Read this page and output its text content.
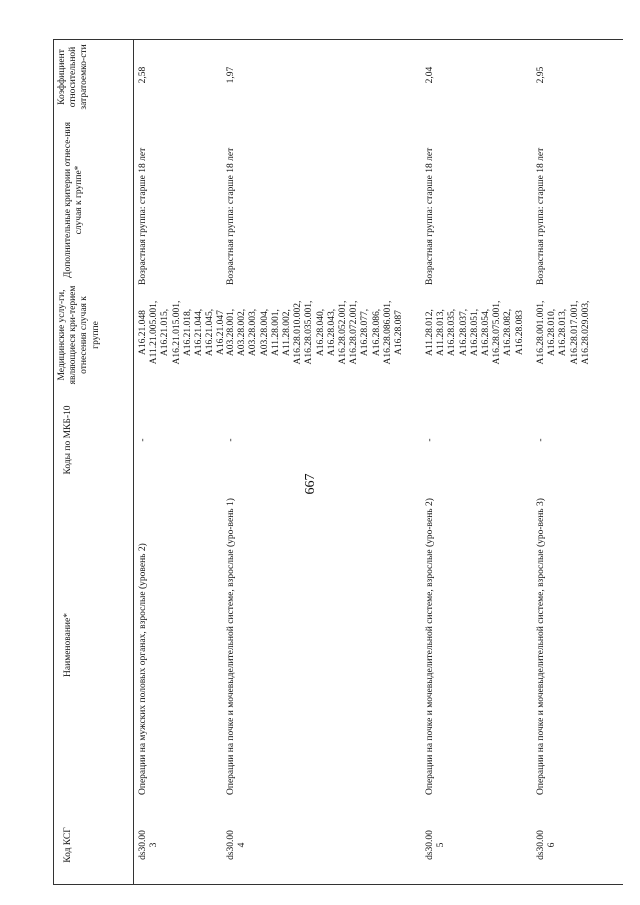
667
Код КСГ
Наименование*
Коды по МКБ-10
Медицинские услу-ги, являющиеся кри-терием отнесения случая к группе
Дополнительные критерии отнесе-ния случая к группе*
Коэффициент относительной затратоемко-сти
ds30.00
3
Операции на мужских половых органах, взрослые (уровень 2)
-
A16.21.048
A11.21.005.001,
A16.21.015,
A16.21.015.001,
A16.21.018,
A16.21.044,
A16.21.045,
A16.21.047
Возрастная группа: старше 18 лет
2,58
ds30.00
4
Операции на почке и мочевыделительной системе, взрослые (уро-вень 1)
-
A03.28.001,
A03.28.002,
A03.28.003,
A03.28.004,
A11.28.001,
A11.28.002,
A16.28.010.002,
A16.28.035.001,
A16.28.040,
A16.28.043,
A16.28.052.001,
A16.28.072.001,
A16.28.077,
A16.28.086,
A16.28.086.001,
A16.28.087
Возрастная группа: старше 18 лет
1,97
ds30.00
5
Операции на почке и мочевыделительной системе, взрослые (уро-вень 2)
-
A11.28.012,
A11.28.013,
A16.28.035,
A16.28.037,
A16.28.051,
A16.28.054,
A16.28.075.001,
A16.28.082,
A16.28.083
Возрастная группа: старше 18 лет
2,04
ds30.00
6
Операции на почке и мочевыделительной системе, взрослые (уро-вень 3)
-
A16.28.001.001,
A16.28.010,
A16.28.013,
A16.28.017.001,
A16.28.029.003,
Возрастная группа: старше 18 лет
2,95
